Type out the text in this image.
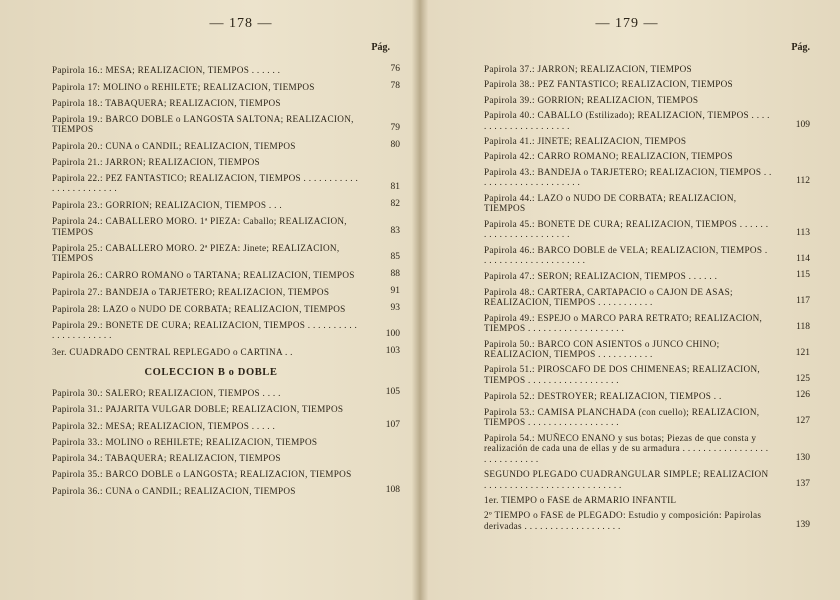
— 178 —
Pág.
Papirola 16.: MESA; REALIZACION, TIEMPOS . . . . . .	76
Papirola 17: MOLINO o REHILETE; REALIZACION, TIEMPOS	78
Papirola 18.: TABAQUERA; REALIZACION, TIEMPOS
Papirola 19.: BARCO DOBLE o LANGOSTA SALTONA; REALIZACION, TIEMPOS	79
Papirola 20.: CUNA o CANDIL; REALIZACION, TIEMPOS	80
Papirola 21.: JARRON; REALIZACION, TIEMPOS
Papirola 22.: PEZ FANTASTICO; REALIZACION, TIEMPOS . . . . . . . . . . . . . . . . . . . . . . . .	81
Papirola 23.: GORRION; REALIZACION, TIEMPOS . . .	82
Papirola 24.: CABALLERO MORO. 1ª PIEZA: Caballo; REALIZACION, TIEMPOS	83
Papirola 25.: CABALLERO MORO. 2ª PIEZA: Jinete; REALIZACION, TIEMPOS	85
Papirola 26.: CARRO ROMANO o TARTANA; REALIZACION, TIEMPOS	88
Papirola 27.: BANDEJA o TARJETERO; REALIZACION, TIEMPOS	91
Papirola 28: LAZO o NUDO DE CORBATA; REALIZACION, TIEMPOS	93
Papirola 29.: BONETE DE CURA; REALIZACION, TIEMPOS . . . . . . . . . . . . . . . . . . . . . .	100
3er. CUADRADO CENTRAL REPLEGADO o CARTINA . .	103
COLECCION B o DOBLE
Papirola 30.: SALERO; REALIZACION, TIEMPOS . . . .	105
Papirola 31.: PAJARITA VULGAR DOBLE; REALIZACION, TIEMPOS
Papirola 32.: MESA; REALIZACION, TIEMPOS . . . . .	107
Papirola 33.: MOLINO o REHILETE; REALIZACION, TIEMPOS
Papirola 34.: TABAQUERA; REALIZACION, TIEMPOS
Papirola 35.: BARCO DOBLE o LANGOSTA; REALIZACION, TIEMPOS
Papirola 36.: CUNA o CANDIL; REALIZACION, TIEMPOS	108
— 179 —
Pág.
Papirola 37.: JARRON; REALIZACION, TIEMPOS
Papirola 38.: PEZ FANTASTICO; REALIZACION, TIEMPOS
Papirola 39.: GORRION; REALIZACION, TIEMPOS
Papirola 40.: CABALLO (Estilizado); REALIZACION, TIEMPOS . . . . . . . . . . . . . . . . . . . . .	109
Papirola 41.: JINETE; REALIZACION, TIEMPOS
Papirola 42.: CARRO ROMANO; REALIZACION, TIEMPOS
Papirola 43.: BANDEJA o TARJETERO; REALIZACION, TIEMPOS . . . . . . . . . . . . . . . . . . . . .	112
Papirola 44.: LAZO o NUDO DE CORBATA; REALIZACION, TIEMPOS
Papirola 45.: BONETE DE CURA; REALIZACION, TIEMPOS . . . . . . . . . . . . . . . . . . . . . . .	113
Papirola 46.: BARCO DOBLE de VELA; REALIZACION, TIEMPOS . . . . . . . . . . . . . . . . . . . . .	114
Papirola 47.: SERON; REALIZACION, TIEMPOS . . . . . .	115
Papirola 48.: CARTERA, CARTAPACIO o CAJON DE ASAS; REALIZACION, TIEMPOS . . . . . . . . . . .	117
Papirola 49.: ESPEJO o MARCO PARA RETRATO; REALIZACION, TIEMPOS . . . . . . . . . . . . . . . . . . .	118
Papirola 50.: BARCO CON ASIENTOS o JUNCO CHINO; REALIZACION, TIEMPOS . . . . . . . . . . .	121
Papirola 51.: PIROSCAFO DE DOS CHIMENEAS; REALIZACION, TIEMPOS . . . . . . . . . . . . . . . . . .	125
Papirola 52.: DESTROYER; REALIZACION, TIEMPOS . .	126
Papirola 53.: CAMISA PLANCHADA (con cuello); REALIZACION, TIEMPOS . . . . . . . . . . . . . . . . . .	127
Papirola 54.: MUÑECO ENANO y sus botas; Piezas de que consta y realización de cada una de ellas y de su armadura . . . . . . . . . . . . . . . . . . . . . . . . . . . .	130
SEGUNDO PLEGADO CUADRANGULAR SIMPLE; REALIZACION . . . . . . . . . . . . . . . . . . . . . . . . . . .	137
1er. TIEMPO o FASE de ARMARIO INFANTIL
2º TIEMPO o FASE de PLEGADO: Estudio y composición: Papirolas derivadas . . . . . . . . . . . . . . . . . . .	139
